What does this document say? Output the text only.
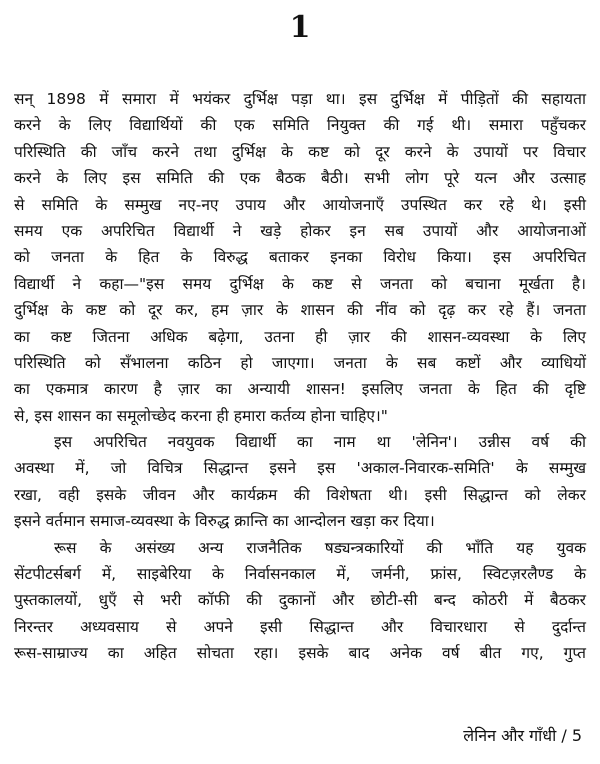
1
सन् 1898 में समारा में भयंकर दुर्भिक्ष पड़ा था। इस दुर्भिक्ष में पीड़ितों की सहायता
करने के लिए विद्यार्थियों की एक समिति नियुक्त की गई थी। समारा पहुँचकर
परिस्थिति की जाँच करने तथा दुर्भिक्ष के कष्ट को दूर करने के उपायों पर विचार
करने के लिए इस समिति की एक बैठक बैठी। सभी लोग पूरे यत्न और उत्साह
से समिति के सम्मुख नए-नए उपाय और आयोजनाएँ उपस्थित कर रहे थे। इसी
समय एक अपरिचित विद्यार्थी ने खड़े होकर इन सब उपायों और आयोजनाओं
को जनता के हित के विरुद्ध बताकर इनका विरोध किया। इस अपरिचित
विद्यार्थी ने कहा—"इस समय दुर्भिक्ष के कष्ट से जनता को बचाना मूर्खता है।
दुर्भिक्ष के कष्ट को दूर कर, हम ज़ार के शासन की नींव को दृढ़ कर रहे हैं। जनता
का कष्ट जितना अधिक बढ़ेगा, उतना ही ज़ार की शासन-व्यवस्था के लिए
परिस्थिति को सँभालना कठिन हो जाएगा। जनता के सब कष्टों और व्याधियों
का एकमात्र कारण है ज़ार का अन्यायी शासन! इसलिए जनता के हित की दृष्टि
से, इस शासन का समूलोच्छेद करना ही हमारा कर्तव्य होना चाहिए।"
इस अपरिचित नवयुवक विद्यार्थी का नाम था 'लेनिन'। उन्नीस वर्ष की
अवस्था में, जो विचित्र सिद्धान्त इसने इस 'अकाल-निवारक-समिति' के सम्मुख
रखा, वही इसके जीवन और कार्यक्रम की विशेषता थी। इसी सिद्धान्त को लेकर
इसने वर्तमान समाज-व्यवस्था के विरुद्ध क्रान्ति का आन्दोलन खड़ा कर दिया।
रूस के असंख्य अन्य राजनैतिक षड्यन्त्रकारियों की भाँति यह युवक
सेंटपीटर्सबर्ग में, साइबेरिया के निर्वासनकाल में, जर्मनी, फ्रांस, स्विटज़रलैण्ड के
पुस्तकालयों, धुएँ से भरी कॉफी की दुकानों और छोटी-सी बन्द कोठरी में बैठकर
निरन्तर अध्यवसाय से अपने इसी सिद्धान्त और विचारधारा से दुर्दान्त
रूस-साम्राज्य का अहित सोचता रहा। इसके बाद अनेक वर्ष बीत गए, गुप्त
लेनिन और गाँधी / 5
